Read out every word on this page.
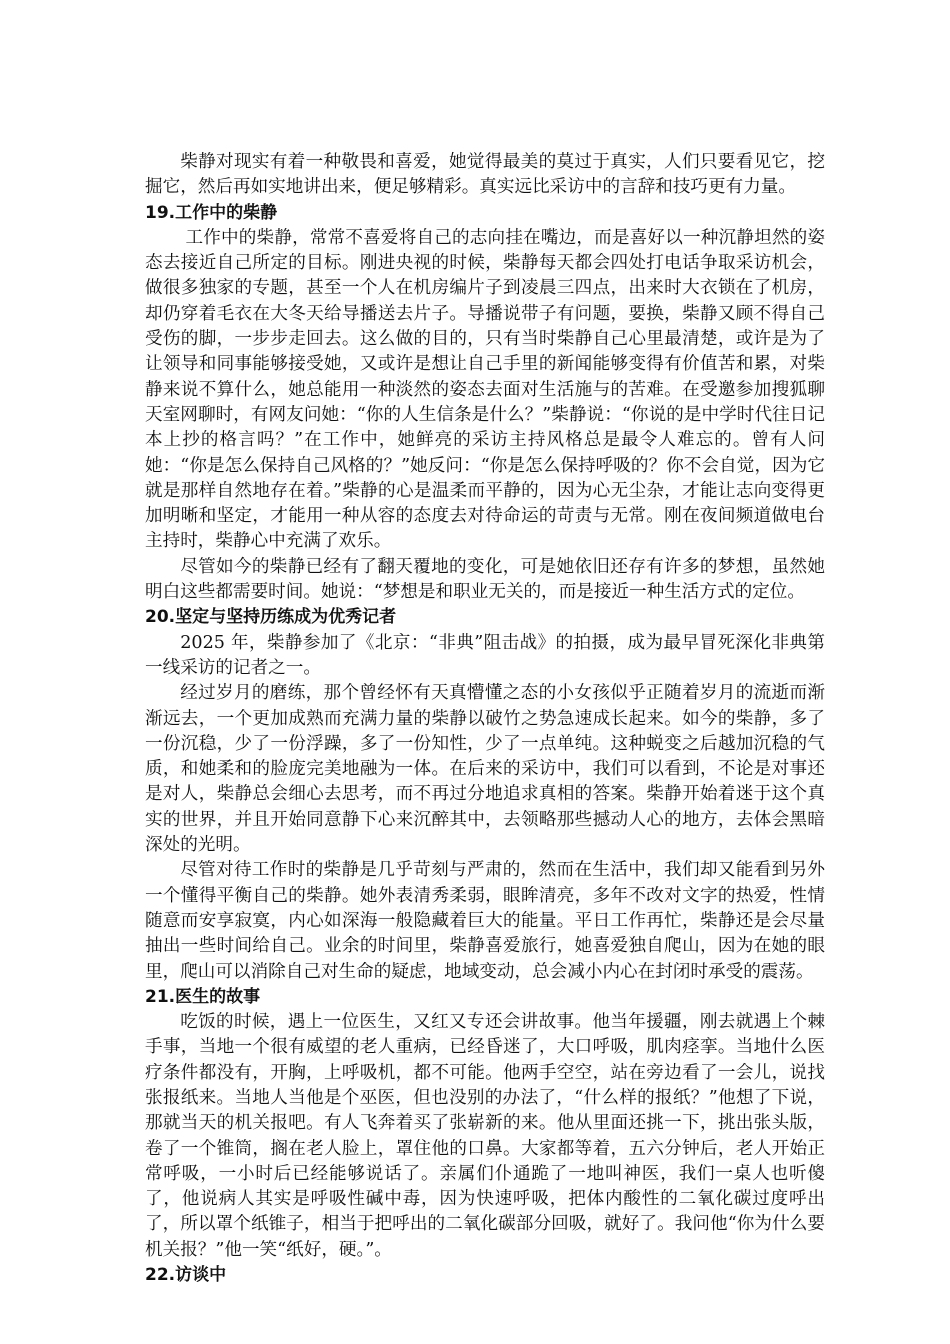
柴静对现实有着一种敬畏和喜爱，她觉得最美的莫过于真实，人们只要看见它，挖掘它，然后再如实地讲出来，便足够精彩。真实远比采访中的言辞和技巧更有力量。

19.工作中的柴静

工作中的柴静，常常不喜爱将自己的志向挂在嘴边，而是喜好以一种沉静坦然的姿态去接近自己所定的目标。刚进央视的时候，柴静每天都会四处打电话争取采访机会，做很多独家的专题，甚至一个人在机房编片子到凌晨三四点，出来时大衣锁在了机房，却仍穿着毛衣在大冬天给导播送去片子。导播说带子有问题，要换，柴静又顾不得自己受伤的脚，一步步走回去。这么做的目的，只有当时柴静自己心里最清楚，或许是为了让领导和同事能够接受她，又或许是想让自己手里的新闻能够变得有价值苦和累，对柴静来说不算什么，她总能用一种淡然的姿态去面对生活施与的苦难。在受邀参加搜狐聊天室网聊时，有网友问她：“你的人生信条是什么？”柴静说：“你说的是中学时代往日记本上抄的格言吗？”在工作中，她鲜亮的采访主持风格总是最令人难忘的。曾有人问她：“你是怎么保持自己风格的？”她反问：“你是怎么保持呼吸的？你不会自觉，因为它就是那样自然地存在着。”柴静的心是温柔而平静的，因为心无尘杂，才能让志向变得更加明晰和坚定，才能用一种从容的态度去对待命运的苛责与无常。刚在夜间频道做电台主持时，柴静心中充满了欢乐。

尽管如今的柴静已经有了翻天覆地的变化，可是她依旧还存有许多的梦想，虽然她明白这些都需要时间。她说：“梦想是和职业无关的，而是接近一种生活方式的定位。

20.坚定与坚持历练成为优秀记者

2025 年，柴静参加了《北京：“非典”阻击战》的拍摄，成为最早冒死深化非典第一线采访的记者之一。

经过岁月的磨练，那个曾经怀有天真懵懂之态的小女孩似乎正随着岁月的流逝而渐渐远去，一个更加成熟而充满力量的柴静以破竹之势急速成长起来。如今的柴静，多了一份沉稳，少了一份浮躁，多了一份知性，少了一点单纯。这种蜕变之后越加沉稳的气质，和她柔和的脸庞完美地融为一体。在后来的采访中，我们可以看到，不论是对事还是对人，柴静总会细心去思考，而不再过分地追求真相的答案。柴静开始着迷于这个真实的世界，并且开始同意静下心来沉醉其中，去领略那些撼动人心的地方，去体会黑暗深处的光明。

尽管对待工作时的柴静是几乎苛刻与严肃的，然而在生活中，我们却又能看到另外一个懂得平衡自己的柴静。她外表清秀柔弱，眼眸清亮，多年不改对文字的热爱，性情随意而安享寂寞，内心如深海一般隐藏着巨大的能量。平日工作再忙，柴静还是会尽量抽出一些时间给自己。业余的时间里，柴静喜爱旅行，她喜爱独自爬山，因为在她的眼里，爬山可以消除自己对生命的疑虑，地域变动，总会减小内心在封闭时承受的震荡。

21.医生的故事

吃饭的时候，遇上一位医生，又红又专还会讲故事。他当年援疆，刚去就遇上个棘手事，当地一个很有威望的老人重病，已经昏迷了，大口呼吸，肌肉痉挛。当地什么医疗条件都没有，开胸，上呼吸机，都不可能。他两手空空，站在旁边看了一会儿，说找张报纸来。当地人当他是个巫医，但也没别的办法了，“什么样的报纸？”他想了下说，那就当天的机关报吧。有人飞奔着买了张崭新的来。他从里面还挑一下，挑出张头版，卷了一个锥筒，搁在老人脸上，罩住他的口鼻。大家都等着，五六分钟后，老人开始正常呼吸，一小时后已经能够说话了。亲属们仆通跪了一地叫神医，我们一桌人也听傻了，他说病人其实是呼吸性碱中毒，因为快速呼吸，把体内酸性的二氧化碳过度呼出了，所以罩个纸锥子，相当于把呼出的二氧化碳部分回吸，就好了。我问他“你为什么要机关报？”他一笑“纸好，硬。”。

22.访谈中
